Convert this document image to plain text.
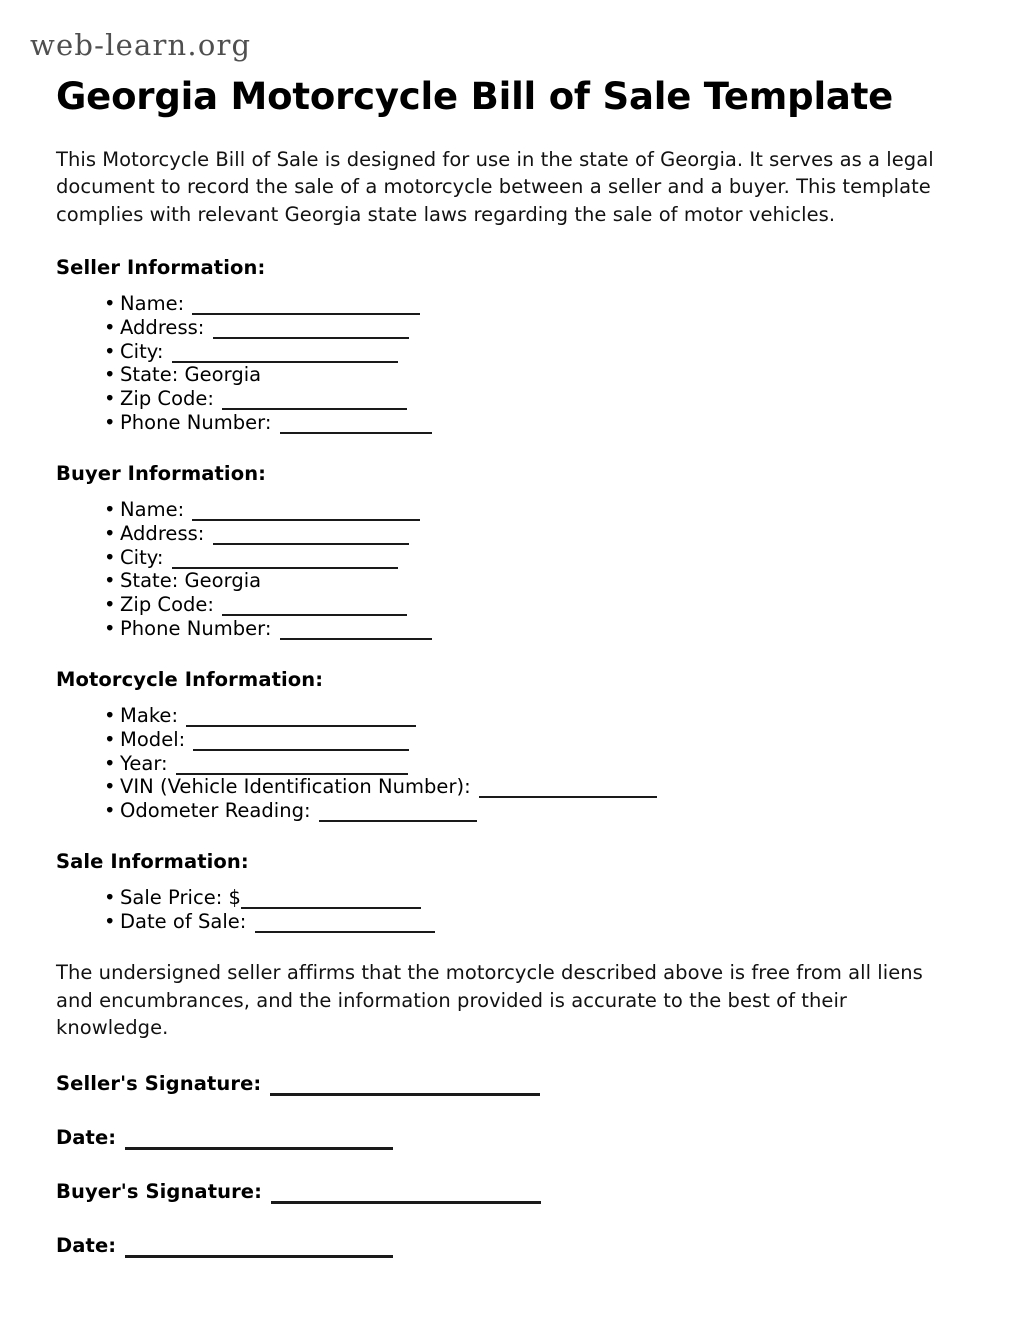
web-learn.org
Georgia Motorcycle Bill of Sale Template

This Motorcycle Bill of Sale is designed for use in the state of Georgia. It serves as a legal document to record the sale of a motorcycle between a seller and a buyer. This template complies with relevant Georgia state laws regarding the sale of motor vehicles.

Seller Information:
• Name:
• Address:
• City:
• State: Georgia
• Zip Code:
• Phone Number:
Buyer Information:
• Name:
• Address:
• City:
• State: Georgia
• Zip Code:
• Phone Number:
Motorcycle Information:
• Make:
• Model:
• Year:
• VIN (Vehicle Identification Number):
• Odometer Reading:
Sale Information:
• Sale Price: $
• Date of Sale:

The undersigned seller affirms that the motorcycle described above is free from all liens and encumbrances, and the information provided is accurate to the best of their knowledge.

Seller's Signature:
Date:
Buyer's Signature:
Date:
